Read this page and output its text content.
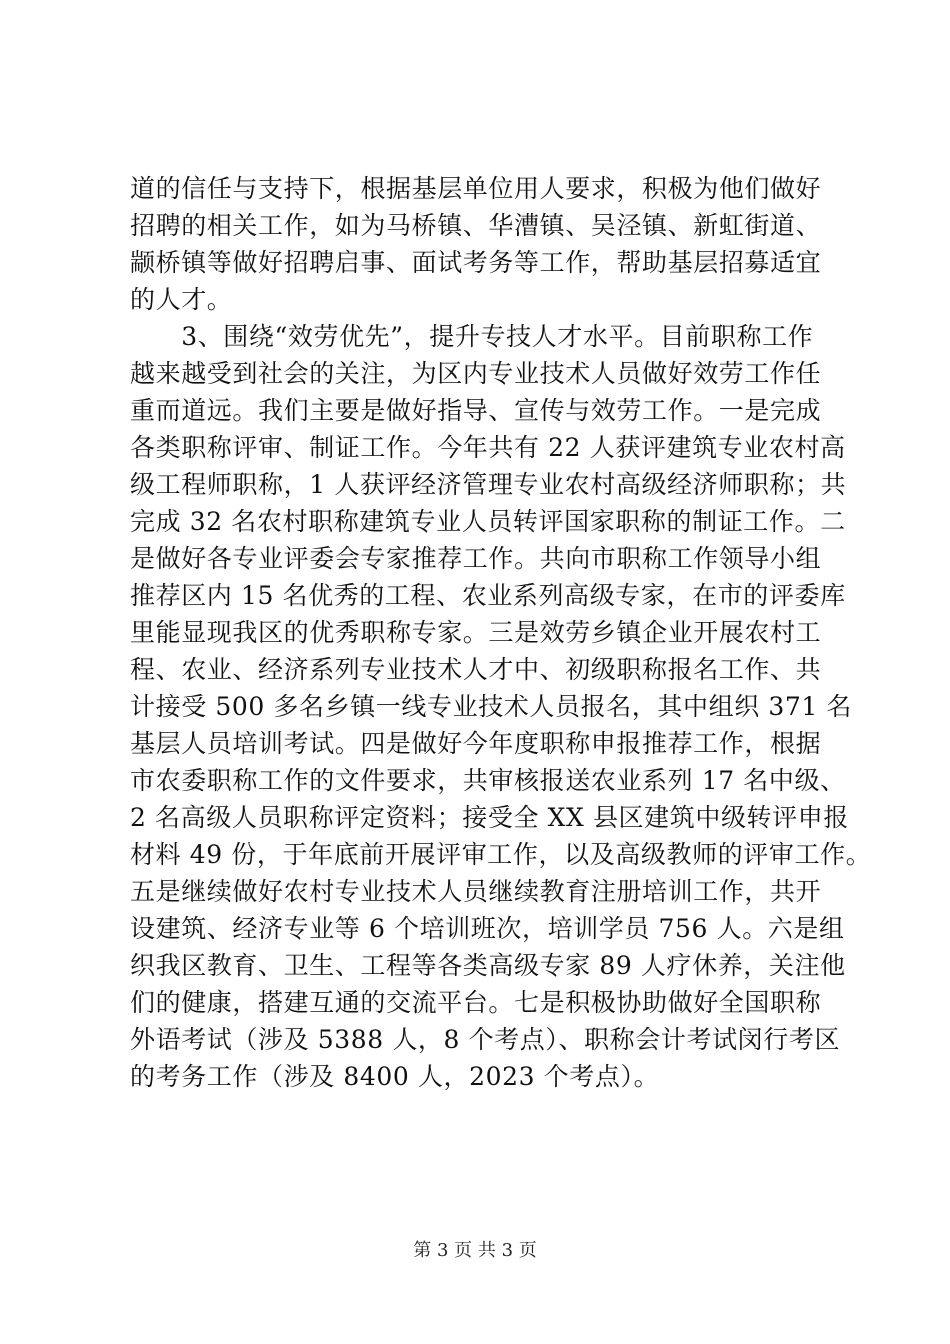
道的信任与支持下，根据基层单位用人要求，积极为他们做好
招聘的相关工作，如为马桥镇、华漕镇、吴泾镇、新虹街道、
颛桥镇等做好招聘启事、面试考务等工作，帮助基层招募适宜
的人才。
　　3、围绕“效劳优先”，提升专技人才水平。目前职称工作
越来越受到社会的关注，为区内专业技术人员做好效劳工作任
重而道远。我们主要是做好指导、宣传与效劳工作。一是完成
各类职称评审、制证工作。今年共有 22 人获评建筑专业农村高
级工程师职称，1 人获评经济管理专业农村高级经济师职称；共
完成 32 名农村职称建筑专业人员转评国家职称的制证工作。二
是做好各专业评委会专家推荐工作。共向市职称工作领导小组
推荐区内 15 名优秀的工程、农业系列高级专家，在市的评委库
里能显现我区的优秀职称专家。三是效劳乡镇企业开展农村工
程、农业、经济系列专业技术人才中、初级职称报名工作、共
计接受 500 多名乡镇一线专业技术人员报名，其中组织 371 名
基层人员培训考试。四是做好今年度职称申报推荐工作，根据
市农委职称工作的文件要求，共审核报送农业系列 17 名中级、
2 名高级人员职称评定资料；接受全 XX 县区建筑中级转评申报
材料 49 份，于年底前开展评审工作，以及高级教师的评审工作。
五是继续做好农村专业技术人员继续教育注册培训工作，共开
设建筑、经济专业等 6 个培训班次，培训学员 756 人。六是组
织我区教育、卫生、工程等各类高级专家 89 人疗休养，关注他
们的健康，搭建互通的交流平台。七是积极协助做好全国职称
外语考试（涉及 5388 人，8 个考点）、职称会计考试闵行考区
的考务工作（涉及 8400 人，2023 个考点）。
第 3 页 共 3 页
